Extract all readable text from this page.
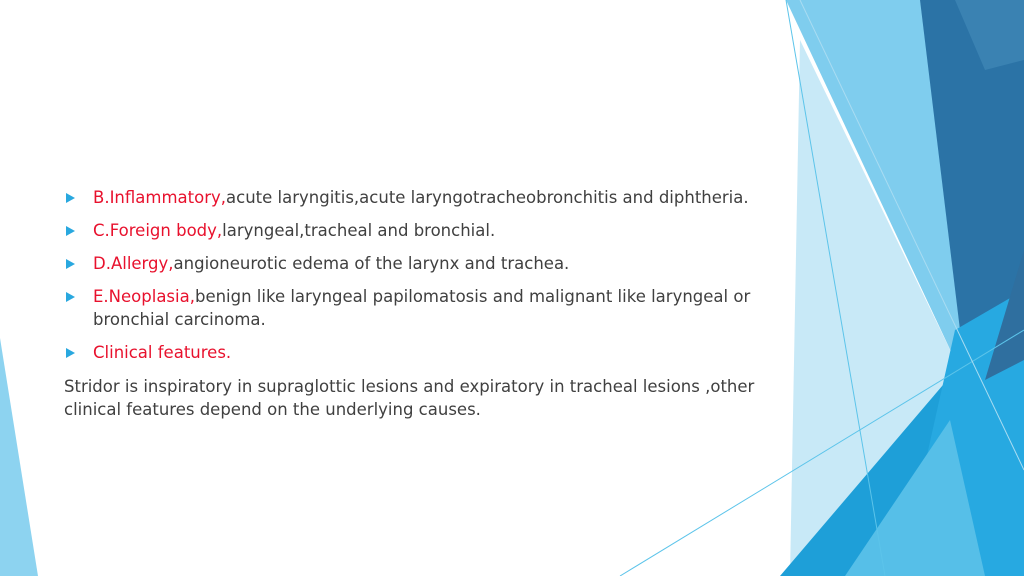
B.Inflammatory,acute laryngitis,acute laryngotracheobronchitis and diphtheria.
C.Foreign body,laryngeal,tracheal and bronchial.
D.Allergy,angioneurotic edema of the larynx and trachea.
E.Neoplasia,benign like laryngeal papilomatosis and malignant like laryngeal or bronchial carcinoma.
Clinical features.

Stridor is inspiratory in supraglottic lesions and expiratory in tracheal lesions ,other clinical features depend on the underlying causes.
